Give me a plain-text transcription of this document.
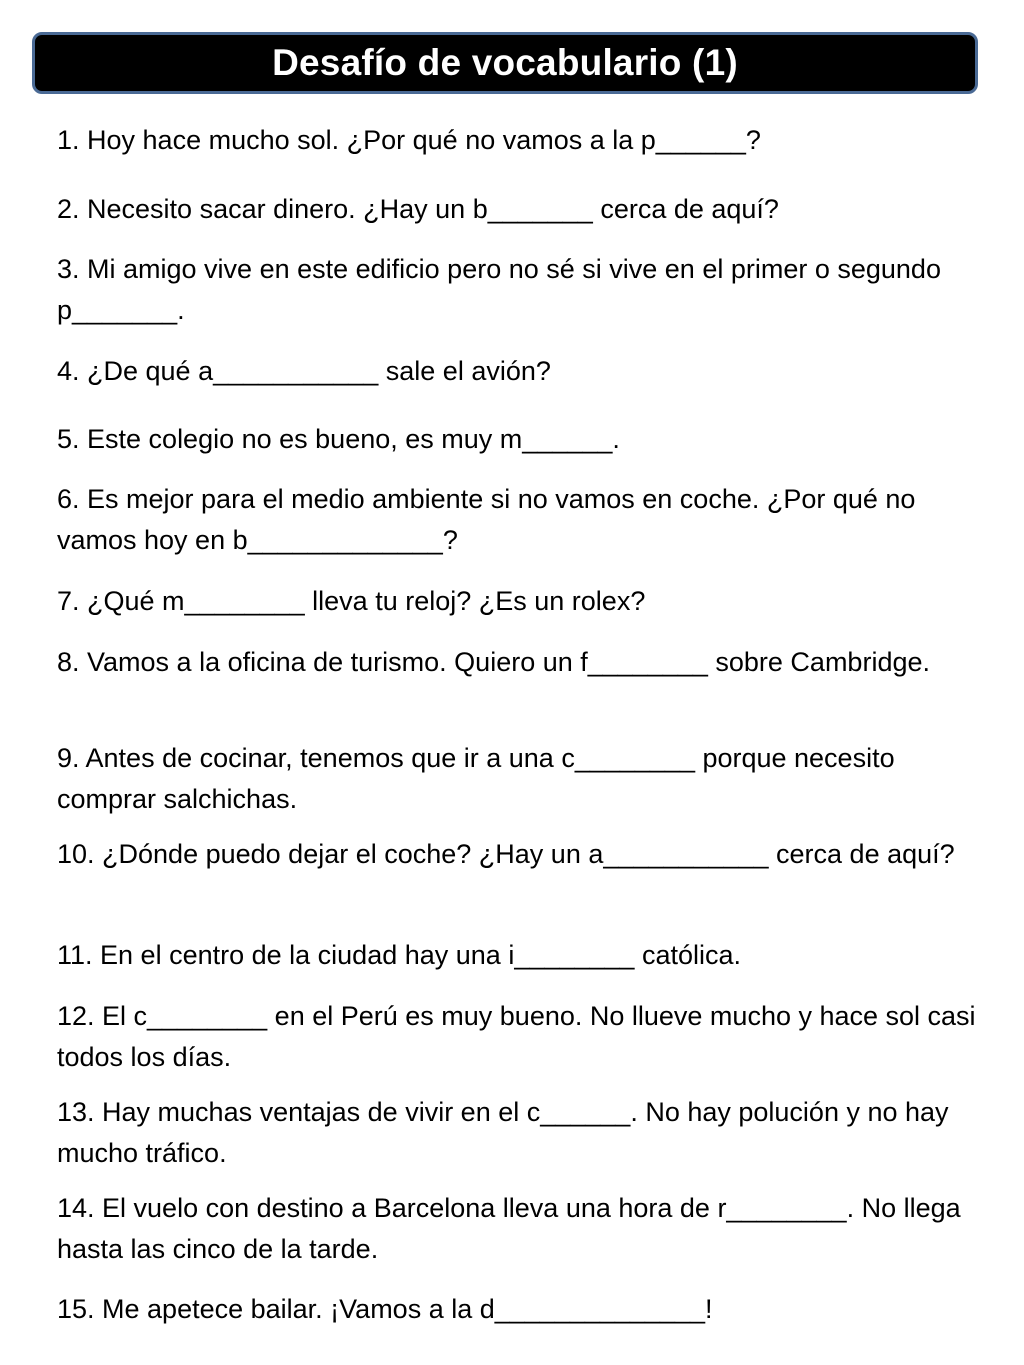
Desafío de vocabulario (1)
1. Hoy hace mucho sol. ¿Por qué no vamos a la p______?
2. Necesito sacar dinero. ¿Hay un b_______ cerca de aquí?
3. Mi amigo vive en este edificio pero no sé si vive en el primer o segundo p_______.
4. ¿De qué a___________ sale el avión?
5. Este colegio no es bueno, es muy m______.
6. Es mejor para el medio ambiente si no vamos en coche. ¿Por qué no vamos hoy en b_____________?
7. ¿Qué m________ lleva tu reloj? ¿Es un rolex?
8. Vamos a la oficina de turismo. Quiero un f________ sobre Cambridge.
9. Antes de cocinar, tenemos que ir a una c________ porque necesito comprar salchichas.
10. ¿Dónde puedo dejar el coche? ¿Hay un a___________ cerca de aquí?
11. En el centro de la ciudad hay una i________ católica.
12. El c________ en el Perú es muy bueno. No llueve mucho y hace sol casi todos los días.
13. Hay muchas ventajas de vivir en el c______. No hay polución y no hay mucho tráfico.
14. El vuelo con destino a Barcelona lleva una hora de r________. No llega hasta las cinco de la tarde.
15. Me apetece bailar. ¡Vamos a la d______________!
